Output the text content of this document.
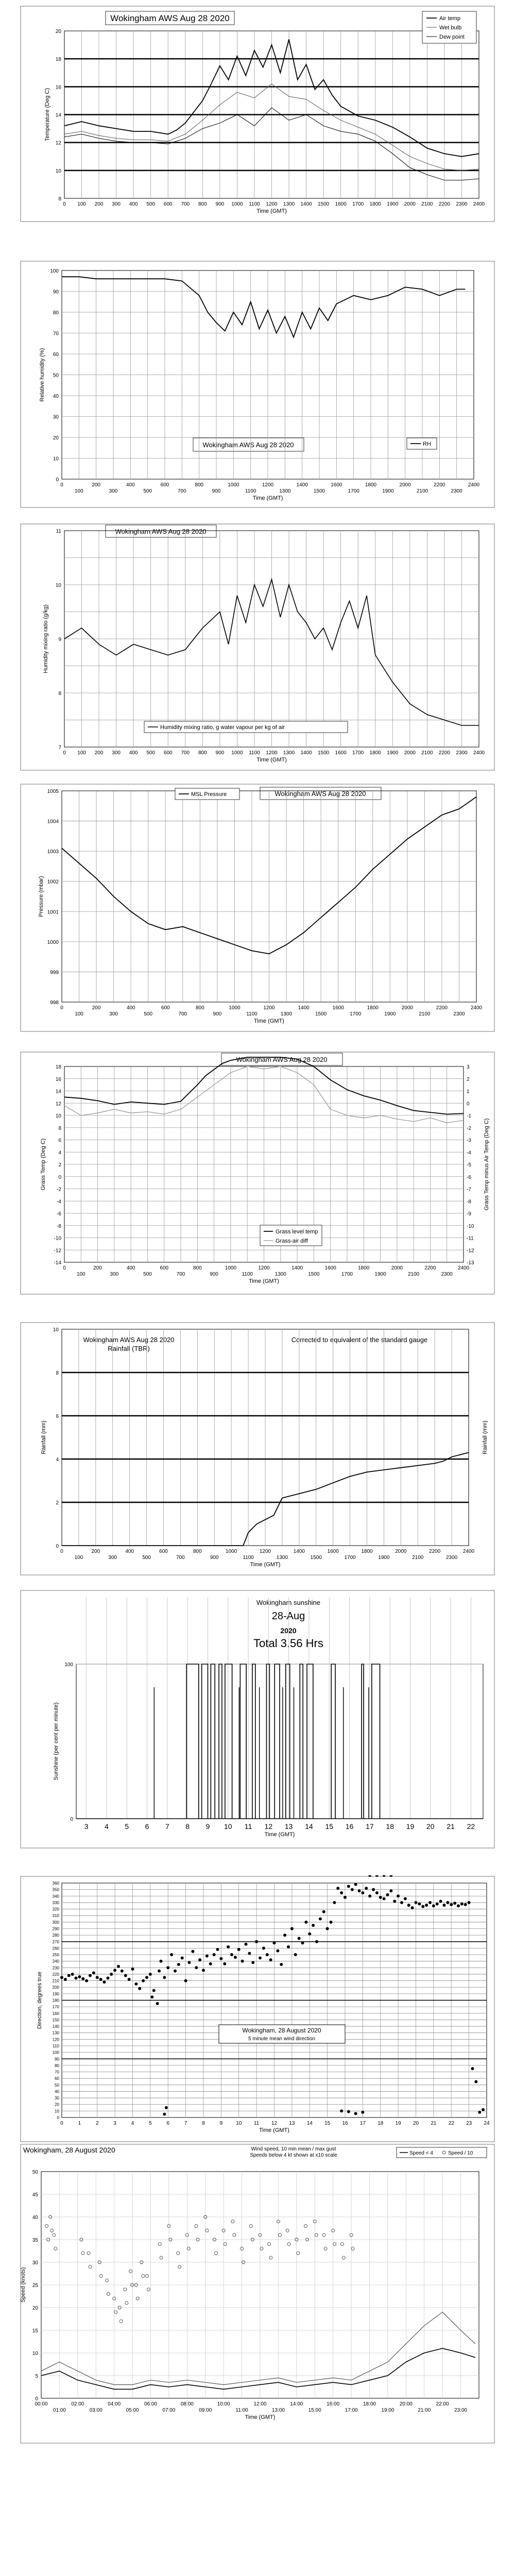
Wokingham AWS Aug 28 2020
8
10
12
14
16
18
20
0 100 200 300 400 500 600 700 800 900 1000 1100 1200 1300 1400 1500 1600 1700 1800 1900 2000 2100 2200 2300 2400
Time (GMT)
Temperature (Deg C)
Air temp
Wet bulb
Dew point
Wokingham AWS Aug 28 2020
0
10
20
30
40
50
60
70
80
90
100
0	200	400	600	800	1000	1200	1400	1600	1800	2000	2200	2400
100	300	500	700	900	1100	1300	1500	1700	1900	2100	2300
Time (GMT)
Relative humidity (%)
RH
Wokingham AWS Aug 28 2020
7
8
9
10
11
0 100 200 300 400 500 600 700 800 900 1000 1100 1200 1300 1400 1500 1600 1700 1800 1900 2000 2100 2200 2300 2400
Time (GMT)
Humidity mixing ratio (g/kg)
Humidity mixing ratio, g water vapour per kg of air
Wokingham AWS Aug 28 2020
998
999
1000
1001
1002
1003
1004
1005
0	200	400	600	800	1000	1200	1400	1600	1800	2000	2200	2400
100	300	500	700	900	1100	1300	1500	1700	1900	2100	2300
Time (GMT)
Pressure (mbar)
MSL Pressure
Wokingham AWS Aug 28 2020
-14
-12
-10
-8
-6
-4
-2
0
2
4
6
8
10
12
14
16
18
-13
-12
-11
-10
-9
-8
-7
-6
-5
-4
-3
-2
-1
0
1
2
3
0	200	400	600	800	1000	1200	1400	1600	1800	2000	2200	2400
100	300	500	700	900	1100	1300	1500	1700	1900	2100	2300
Time (GMT)
Grass Temp (Deg C)	Grass Temp minus Air Temp (Deg C)
Grass level temp
Grass-air diff
Wokingham AWS Aug 28 2020
Rainfall (TBR)
Corrected to equivalent of the standard gauge
0
2
4
6
8
10
0	200	400	600	800	1000	1200	1400	1600	1800	2000	2200	2400
100	300	500	700	900	1100	1300	1500	1700	1900	2100	2300
Time (GMT)
Rainfall (mm)	Rainfall (mm)
Wokingham sunshine
28-Aug
2020
Total 3.56 Hrs
0
100
3 4 5 6 7 8 9 10 11 12 13 14 15 16 17 18 19 20 21 22
Time (GMT)
Sunshine (per cent per minute)
0
10
20
30
40
50
60
70
80
90
100
110
120
130
140
150
160
170
180
190
200
210
220
230
240
250
260
270
280
290
300
310
320
330
340
350
360
0	1	2	3	4	5	6	7	8	9	10 11 12 13 14 15 16 17 18 19 20 21 22 23 24
Time (GMT)
Direction, degrees true
Wokingham, 28 August 2020
5 minute mean wind direction
Wokingham, 28 August 2020	Wind speed, 10 min mean / max gust
Speeds below 4 kt shown at x10 scale
0
5
10
15
20
25
30
35
40
45
50
00:00	02:00	04:00	06:00	08:00	10:00	12:00	14:00	16:00	18:00	20:00	22:00
01:00	03:00	05:00	07:00	09:00	11:00	13:00	15:00	17:00	19:00	21:00	23:00
Time (GMT)
Speed (knots)
Speed < 4	Speed / 10
